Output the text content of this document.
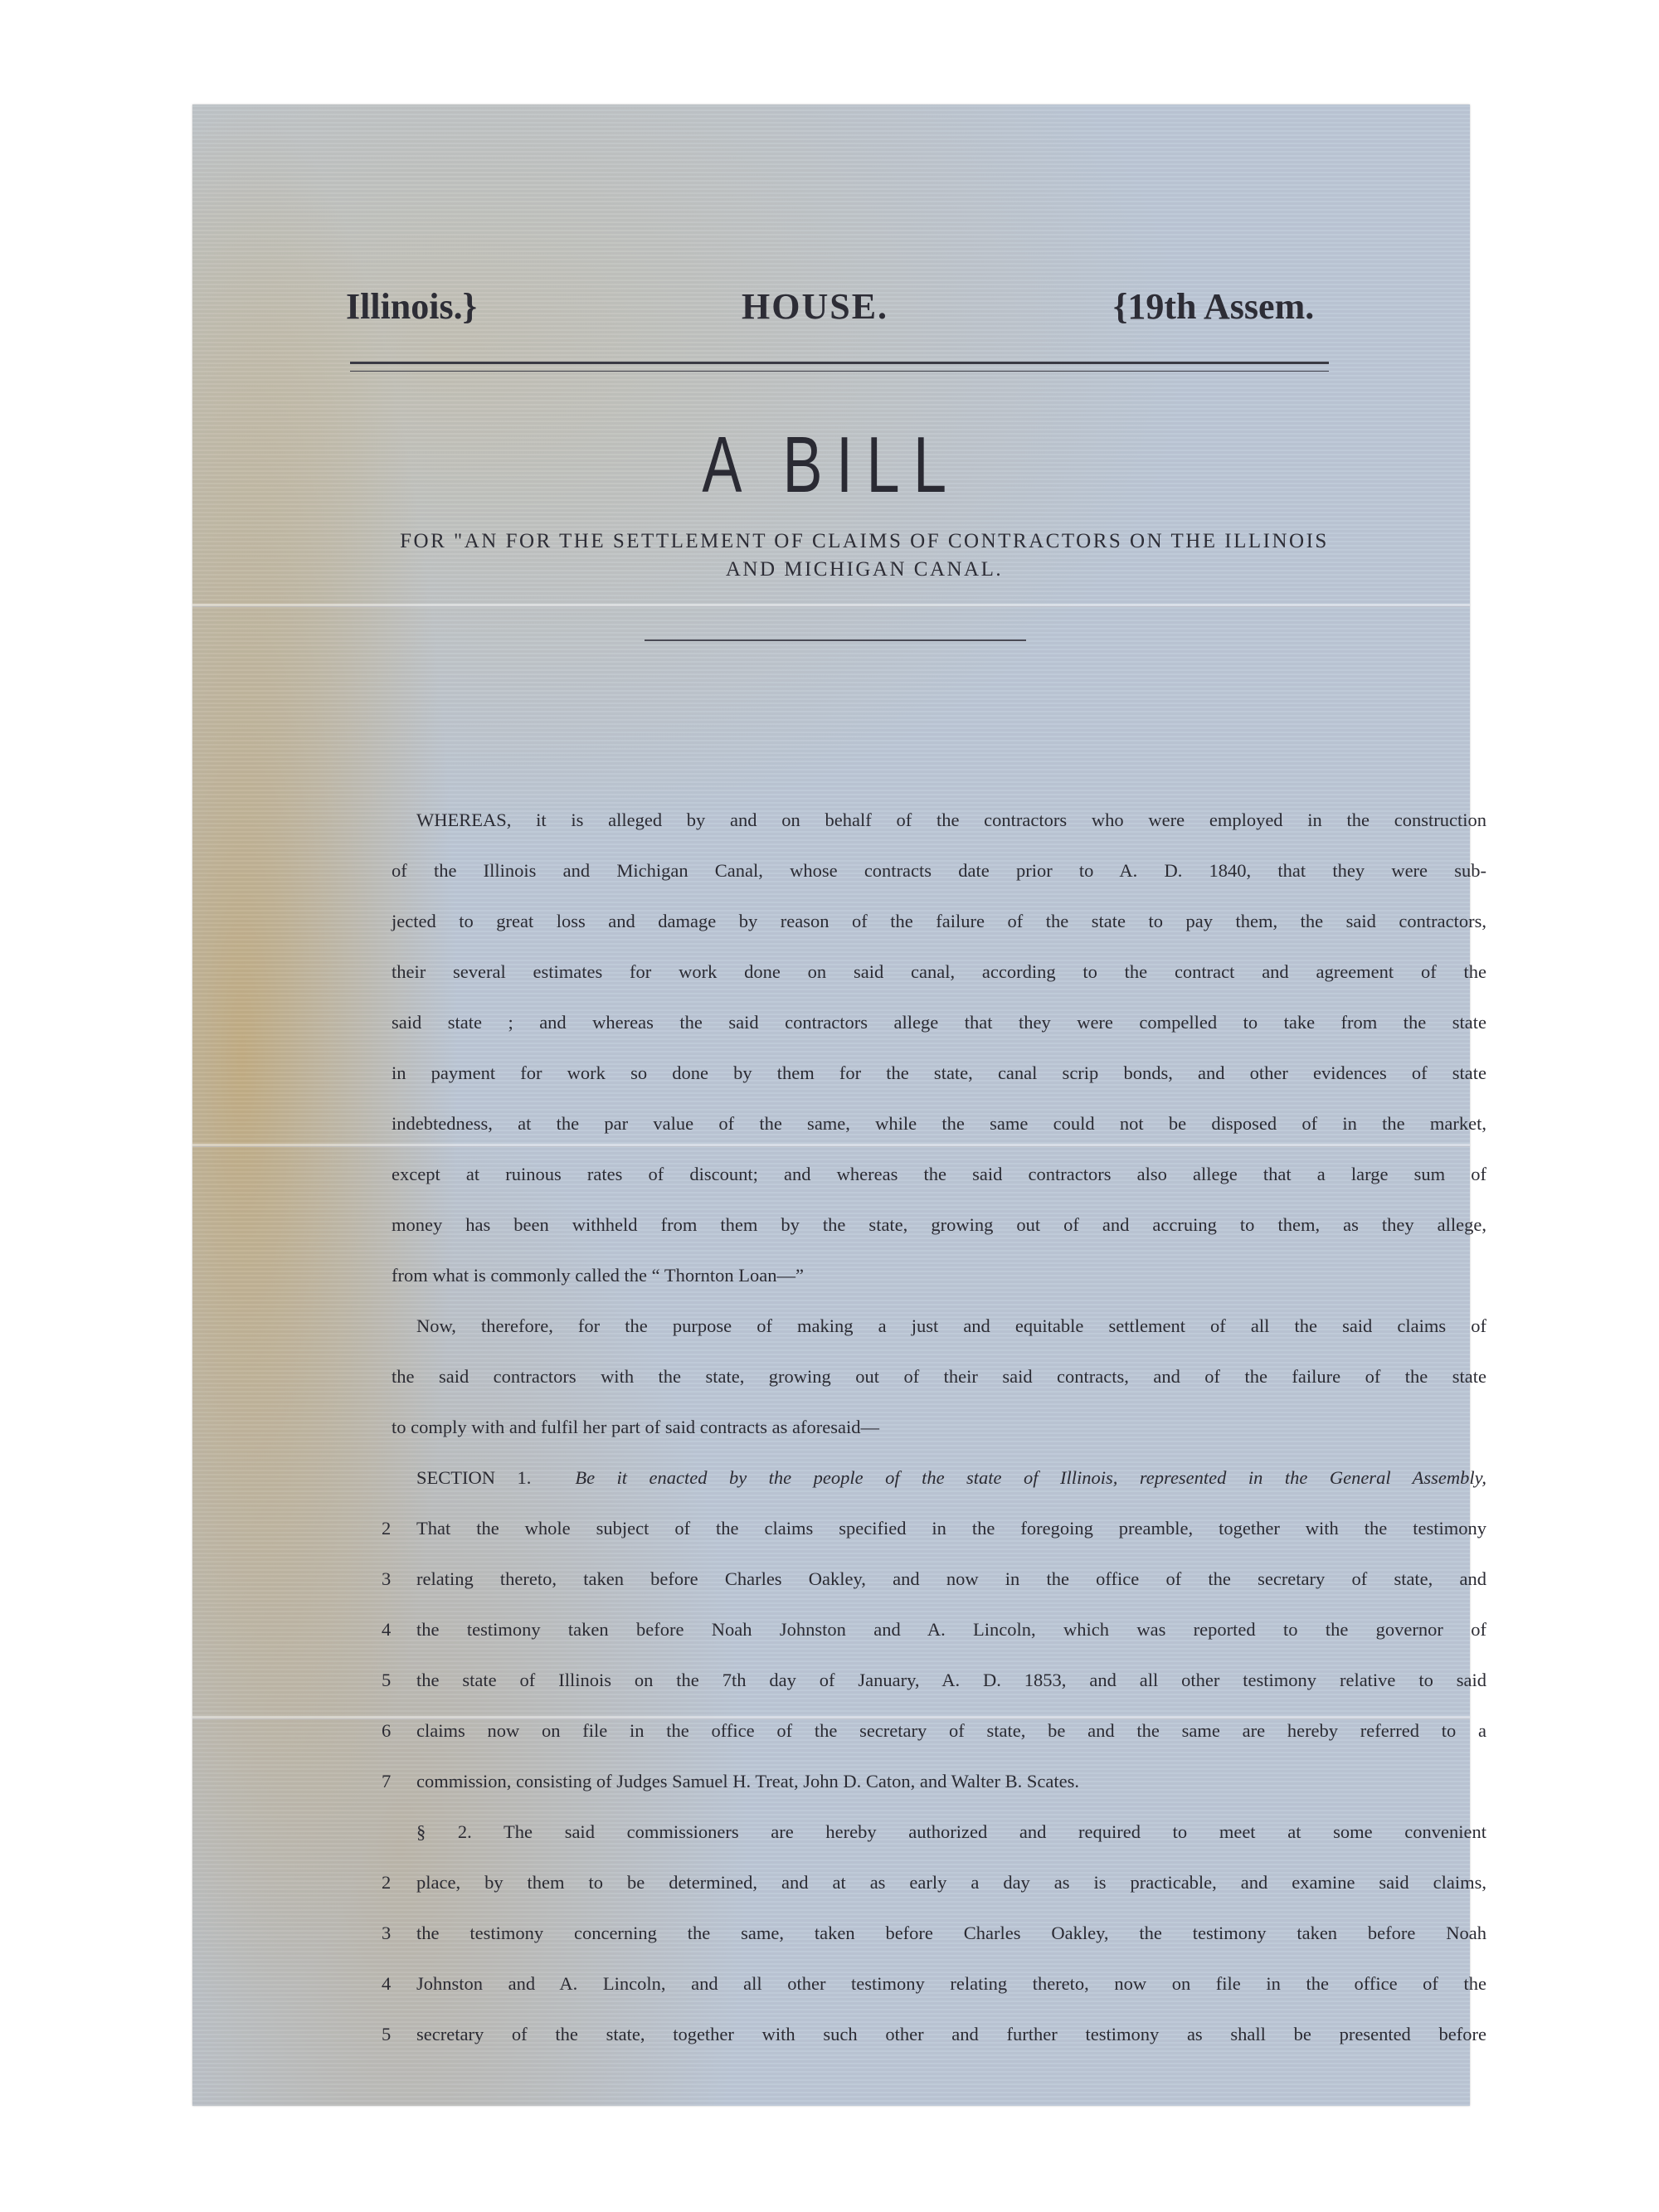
Illinois.}	HOUSE.	{19th Assem.
A BILL
FOR "AN FOR THE SETTLEMENT OF CLAIMS OF CONTRACTORS ON THE ILLINOIS
AND MICHIGAN CANAL.
WHEREAS, it is alleged by and on behalf of the contractors who were employed in the construction
of the Illinois and Michigan Canal, whose contracts date prior to A. D. 1840, that they were sub-
jected to great loss and damage by reason of the failure of the state to pay them, the said contractors,
their several estimates for work done on said canal, according to the contract and agreement of the
said state ; and whereas the said contractors allege that they were compelled to take from the state
in payment for work so done by them for the state, canal scrip bonds, and other evidences of state
indebtedness, at the par value of the same, while the same could not be disposed of in the market,
except at ruinous rates of discount; and whereas the said contractors also allege that a large sum of
money has been withheld from them by the state, growing out of and accruing to them, as they allege,
from what is commonly called the “ Thornton Loan—”
Now, therefore, for the purpose of making a just and equitable settlement of all the said claims of
the said contractors with the state, growing out of their said contracts, and of the failure of the state
to comply with and fulfil her part of said contracts as aforesaid—
SECTION 1. Be it enacted by the people of the state of Illinois, represented in the General Assembly,
2	That the whole subject of the claims specified in the foregoing preamble, together with the testimony
3	relating thereto, taken before Charles Oakley, and now in the office of the secretary of state, and
4	the testimony taken before Noah Johnston and A. Lincoln, which was reported to the governor of
5	the state of Illinois on the 7th day of January, A. D. 1853, and all other testimony relative to said
6	claims now on file in the office of the secretary of state, be and the same are hereby referred to a
7	commission, consisting of Judges Samuel H. Treat, John D. Caton, and Walter B. Scates.
§ 2. The said commissioners are hereby authorized and required to meet at some convenient
2	place, by them to be determined, and at as early a day as is practicable, and examine said claims,
3	the testimony concerning the same, taken before Charles Oakley, the testimony taken before Noah
4	Johnston and A. Lincoln, and all other testimony relating thereto, now on file in the office of the
5	secretary of the state, together with such other and further testimony as shall be presented before
